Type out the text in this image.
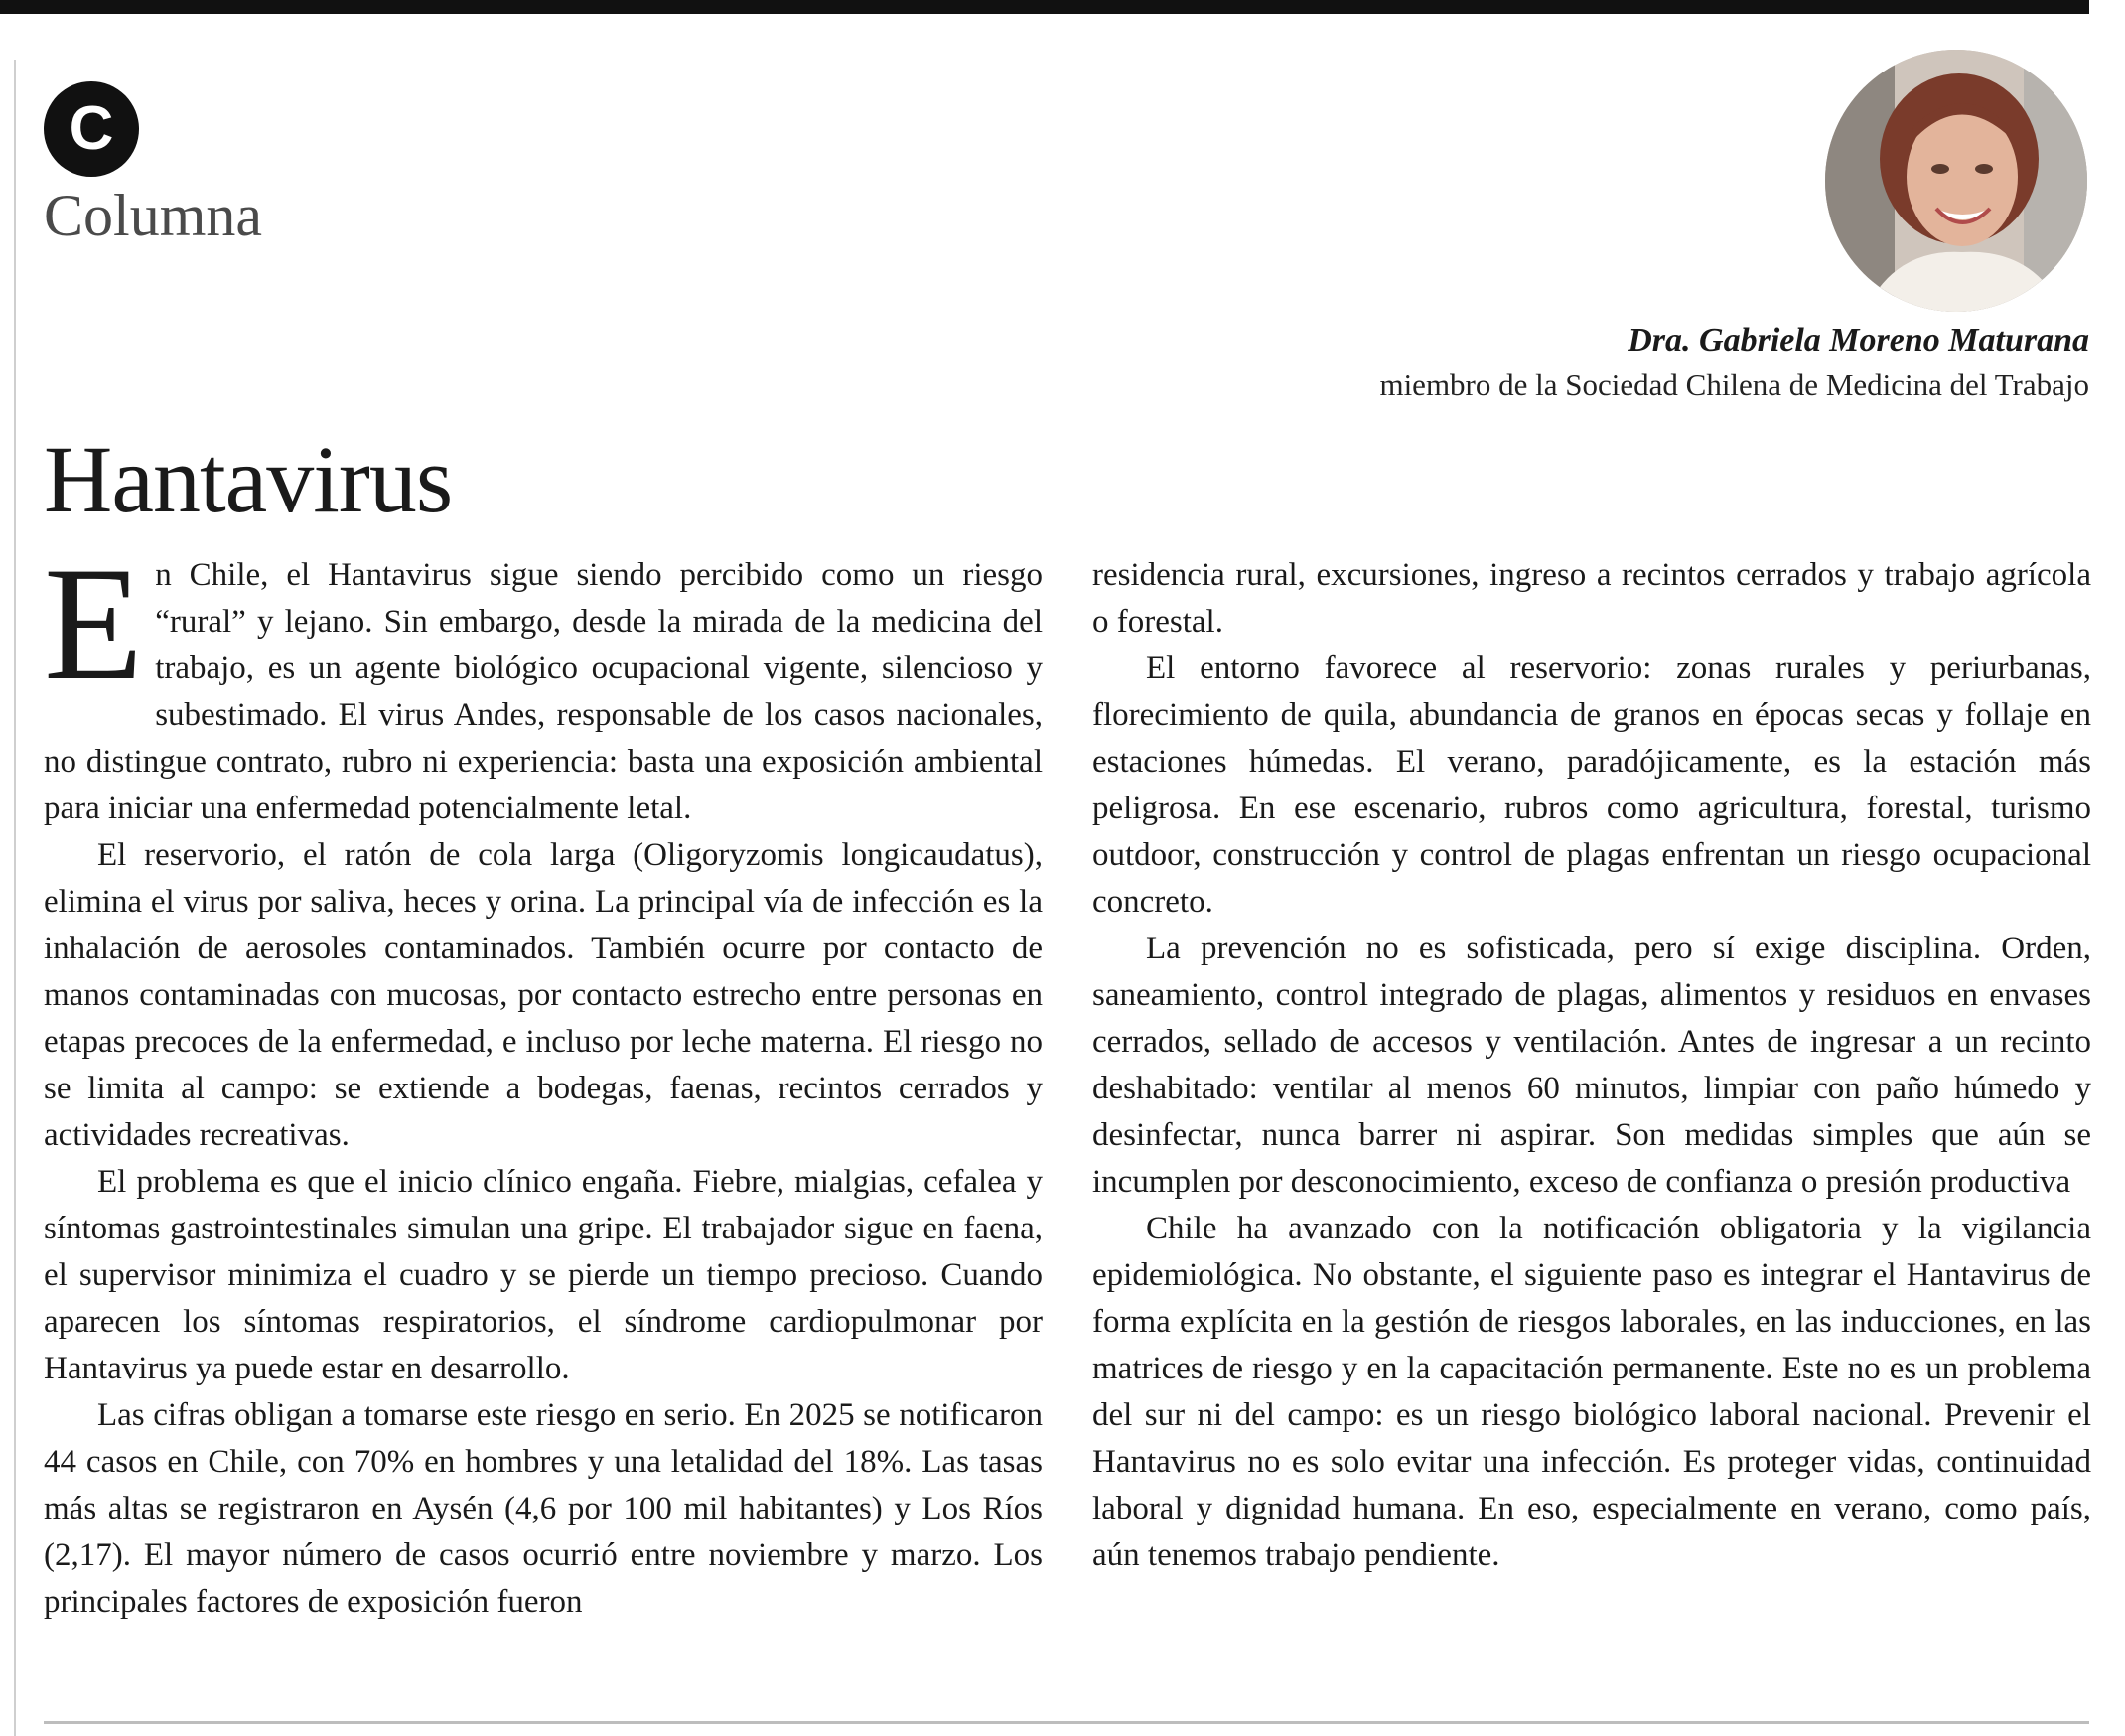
C
Columna
Dra. Gabriela Moreno Maturana
miembro de la Sociedad Chilena de Medicina del Trabajo
Hantavirus

En Chile, el Hantavirus sigue siendo percibido como un riesgo “rural” y lejano. Sin embargo, desde la mirada de la medicina del trabajo, es un agente biológico ocupacional vigente, silencioso y subestimado. El virus Andes, responsable de los casos nacionales, no distingue contrato, rubro ni experiencia: basta una exposición ambiental para iniciar una enfermedad potencialmente letal.

El reservorio, el ratón de cola larga (Oligoryzomis longicaudatus), elimina el virus por saliva, heces y orina. La principal vía de infección es la inhalación de aerosoles contaminados. También ocurre por contacto de manos contaminadas con mucosas, por contacto estrecho entre personas en etapas precoces de la enfermedad, e incluso por leche materna. El riesgo no se limita al campo: se extiende a bodegas, faenas, recintos cerrados y actividades recreativas.

El problema es que el inicio clínico engaña. Fiebre, mialgias, cefalea y síntomas gastrointestinales simulan una gripe. El trabajador sigue en faena, el supervisor minimiza el cuadro y se pierde un tiempo precioso. Cuando aparecen los síntomas respiratorios, el síndrome cardiopulmonar por Hantavirus ya puede estar en desarrollo.

Las cifras obligan a tomarse este riesgo en serio. En 2025 se notificaron 44 casos en Chile, con 70% en hombres y una letalidad del 18%. Las tasas más altas se registraron en Aysén (4,6 por 100 mil habitantes) y Los Ríos (2,17). El mayor número de casos ocurrió entre noviembre y marzo. Los principales factores de exposición fueron

residencia rural, excursiones, ingreso a recintos cerrados y trabajo agrícola o forestal.

El entorno favorece al reservorio: zonas rurales y periurbanas, florecimiento de quila, abundancia de granos en épocas secas y follaje en estaciones húmedas. El verano, paradójicamente, es la estación más peligrosa. En ese escenario, rubros como agricultura, forestal, turismo outdoor, construcción y control de plagas enfrentan un riesgo ocupacional concreto.

La prevención no es sofisticada, pero sí exige disciplina. Orden, saneamiento, control integrado de plagas, alimentos y residuos en envases cerrados, sellado de accesos y ventilación. Antes de ingresar a un recinto deshabitado: ventilar al menos 60 minutos, limpiar con paño húmedo y desinfectar, nunca barrer ni aspirar. Son medidas simples que aún se incumplen por desconocimiento, exceso de confianza o presión productiva

Chile ha avanzado con la notificación obligatoria y la vigilancia epidemiológica. No obstante, el siguiente paso es integrar el Hantavirus de forma explícita en la gestión de riesgos laborales, en las inducciones, en las matrices de riesgo y en la capacitación permanente. Este no es un problema del sur ni del campo: es un riesgo biológico laboral nacional. Prevenir el Hantavirus no es solo evitar una infección. Es proteger vidas, continuidad laboral y dignidad humana. En eso, especialmente en verano, como país, aún tenemos trabajo pendiente.
